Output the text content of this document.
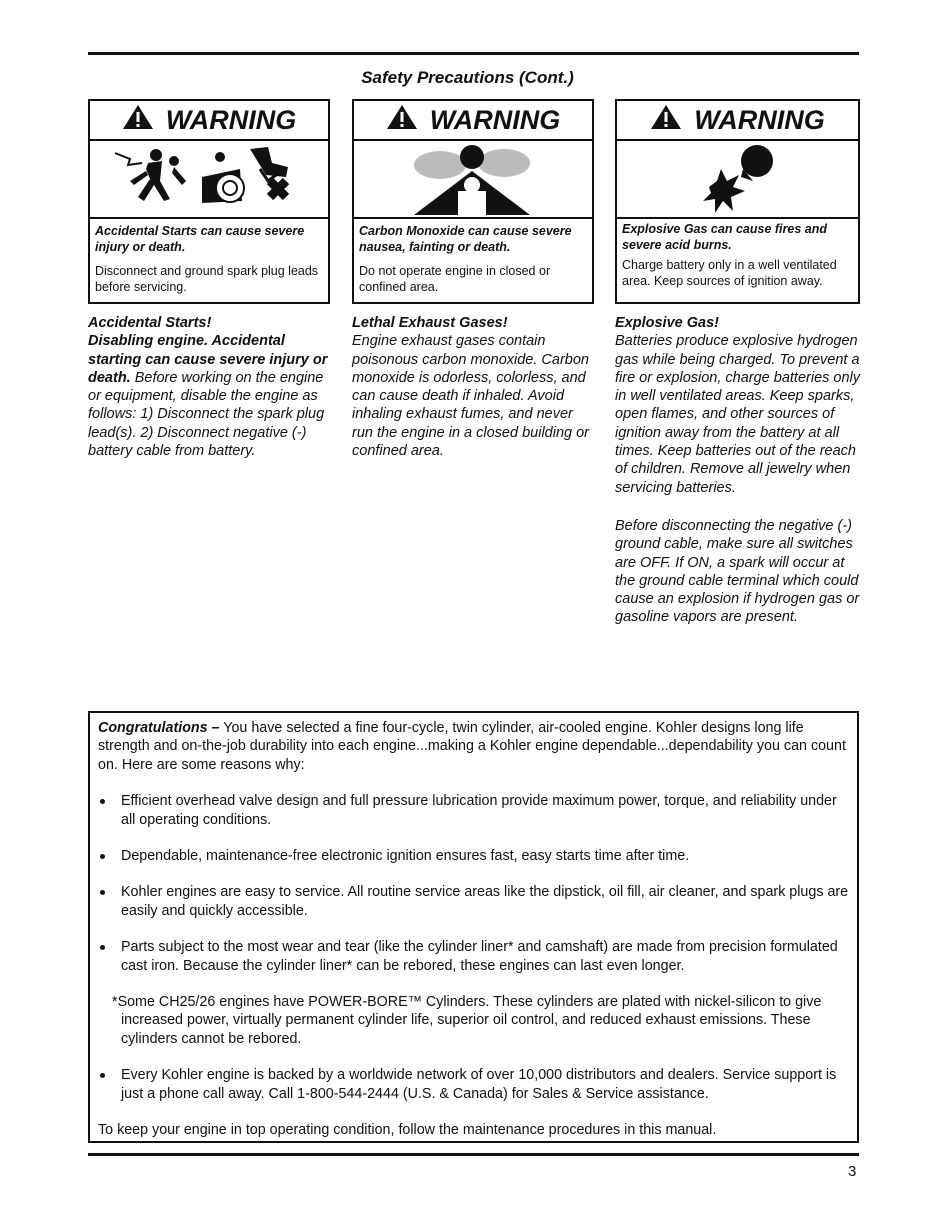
Safety Precautions (Cont.)
WARNING
Accidental Starts can cause severe injury or death.
Disconnect and ground spark plug leads before servicing.
WARNING
Carbon Monoxide can cause severe nausea, fainting or death.
Do not operate engine in closed or confined area.
WARNING
Explosive Gas can cause fires and severe acid burns.
Charge battery only in a well ventilated area. Keep sources of ignition away.

Accidental Starts!

Disabling engine. Accidental starting can cause severe injury or death. Before working on the engine or equipment, disable the engine as follows: 1) Disconnect the spark plug lead(s). 2) Disconnect negative (-) battery cable from battery.

Lethal Exhaust Gases!

Engine exhaust gases contain poisonous carbon monoxide. Carbon monoxide is odorless, colorless, and can cause death if inhaled. Avoid inhaling exhaust fumes, and never run the engine in a closed building or confined area.

Explosive Gas!

Batteries produce explosive hydrogen gas while being charged. To prevent a fire or explosion, charge batteries only in well ventilated areas. Keep sparks, open flames, and other sources of ignition away from the battery at all times. Keep batteries out of the reach of children. Remove all jewelry when servicing batteries.

Before disconnecting the negative (-) ground cable, make sure all switches are OFF. If ON, a spark will occur at the ground cable terminal which could cause an explosion if hydrogen gas or gasoline vapors are present.

Congratulations – You have selected a fine four-cycle, twin cylinder, air-cooled engine. Kohler designs long life strength and on-the-job durability into each engine...making a Kohler engine dependable...dependability you can count on. Here are some reasons why:

Efficient overhead valve design and full pressure lubrication provide maximum power, torque, and reliability under all operating conditions.
Dependable, maintenance-free electronic ignition ensures fast, easy starts time after time.
Kohler engines are easy to service. All routine service areas like the dipstick, oil fill, air cleaner, and spark plugs are easily and quickly accessible.
Parts subject to the most wear and tear (like the cylinder liner* and camshaft) are made from precision formulated cast iron. Because the cylinder liner* can be rebored, these engines can last even longer.
*Some CH25/26 engines have POWER-BORE™ Cylinders. These cylinders are plated with nickel-silicon to give increased power, virtually permanent cylinder life, superior oil control, and reduced exhaust emissions. These cylinders cannot be rebored.
Every Kohler engine is backed by a worldwide network of over 10,000 distributors and dealers. Service support is just a phone call away. Call 1-800-544-2444 (U.S. & Canada) for Sales & Service assistance.

To keep your engine in top operating condition, follow the maintenance procedures in this manual.

3
